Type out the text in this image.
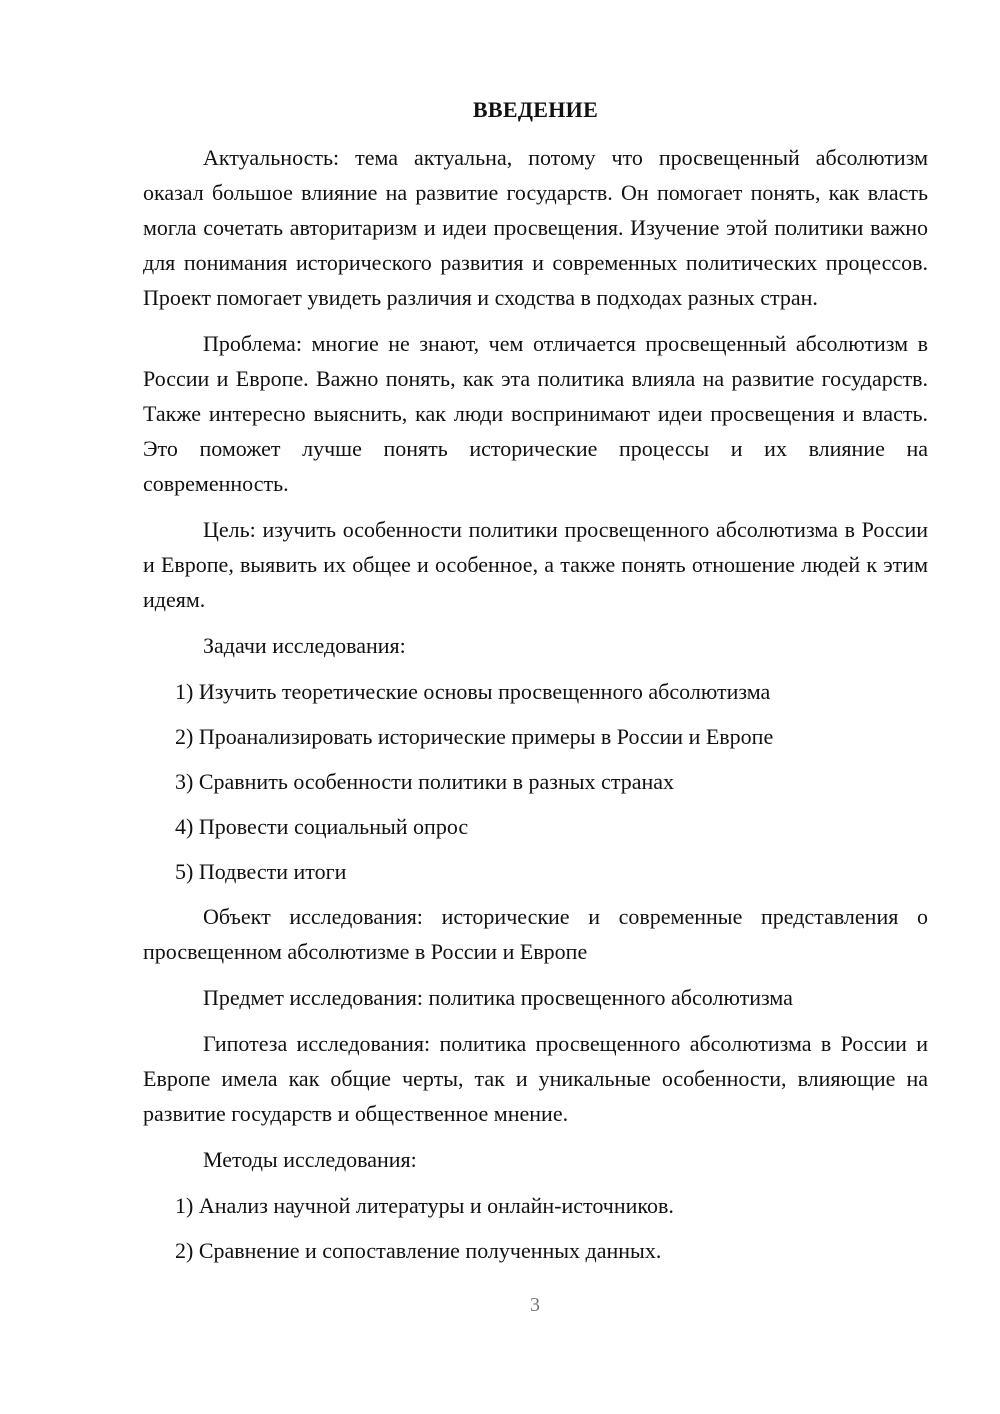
ВВЕДЕНИЕ

Актуальность: тема актуальна, потому что просвещенный абсолютизм оказал большое влияние на развитие государств. Он помогает понять, как власть могла сочетать авторитаризм и идеи просвещения. Изучение этой политики важно для понимания исторического развития и современных политических процессов. Проект помогает увидеть различия и сходства в подходах разных стран.

Проблема: многие не знают, чем отличается просвещенный абсолютизм в России и Европе. Важно понять, как эта политика влияла на развитие государств. Также интересно выяснить, как люди воспринимают идеи просвещения и власть. Это поможет лучше понять исторические процессы и их влияние на современность.

Цель: изучить особенности политики просвещенного абсолютизма в России и Европе, выявить их общее и особенное, а также понять отношение людей к этим идеям.

Задачи исследования:

1) Изучить теоретические основы просвещенного абсолютизма
2) Проанализировать исторические примеры в России и Европе
3) Сравнить особенности политики в разных странах
4) Провести социальный опрос
5) Подвести итоги

Объект исследования: исторические и современные представления о просвещенном абсолютизме в России и Европе

Предмет исследования: политика просвещенного абсолютизма

Гипотеза исследования: политика просвещенного абсолютизма в России и Европе имела как общие черты, так и уникальные особенности, влияющие на развитие государств и общественное мнение.

Методы исследования:

1) Анализ научной литературы и онлайн-источников.
2) Сравнение и сопоставление полученных данных.
3
